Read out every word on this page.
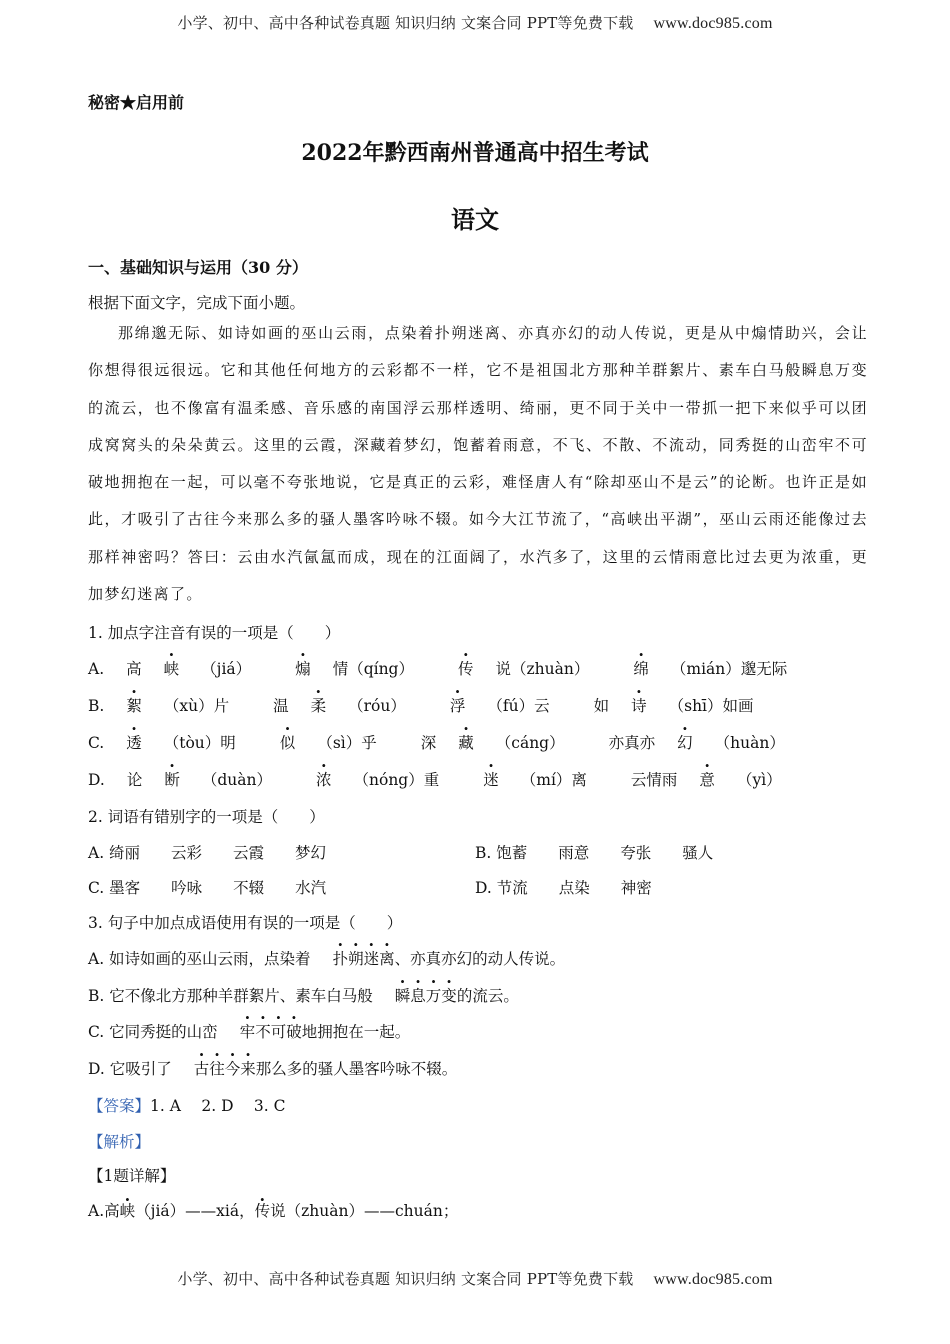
小学、初中、高中各种试卷真题 知识归纳 文案合同 PPT等免费下载 www.doc985.com
秘密★启用前
2022年黔西南州普通高中招生考试
语文
一、基础知识与运用（30 分）
根据下面文字，完成下面小题。

那绵邈无际、如诗如画的巫山云雨，点染着扑朔迷离、亦真亦幻的动人传说，更是从中煽情助兴，会让你想得很远很远。它和其他任何地方的云彩都不一样，它不是祖国北方那种羊群絮片、素车白马般瞬息万变的流云，也不像富有温柔感、音乐感的南国浮云那样透明、绮丽，更不同于关中一带抓一把下来似乎可以团成窝窝头的朵朵黄云。这里的云霞，深藏着梦幻，饱蓄着雨意，不飞、不散、不流动，同秀挺的山峦牢不可破地拥抱在一起，可以毫不夸张地说，它是真正的云彩，难怪唐人有“除却巫山不是云”的论断。也许正是如此，才吸引了古往今来那么多的骚人墨客吟咏不辍。如今大江节流了，“高峡出平湖”，巫山云雨还能像过去那样神密吗？答曰：云由水汽氤氲而成，现在的江面阔了，水汽多了，这里的云情雨意比过去更为浓重，更加梦幻迷离了。

1. 加点字注音有误的一项是（　　）
A.高 峡 （jiá）	煽 情（qíng）	传 说（zhuàn）	绵 （mián）邈无际
B.絮 （xù）片	温 柔 （róu）	浮 （fú）云	如 诗 （shī）如画
C.透 （tòu）明	似 （sì）乎	深 藏 （cáng）	亦真亦 幻 （huàn）
D.论 断 （duàn）	浓 （nóng）重	迷 （mí）离	云情雨 意 （yì）
2. 词语有错别字的一项是（　　）
A. 绮丽　　云彩　　云霞　　梦幻	B. 饱蓄　　雨意　　夸张　　骚人
C. 墨客　　吟咏　　不辍　　水汽	D. 节流　　点染　　神密
3. 句子中加点成语使用有误的一项是（　　）
A. 如诗如画的巫山云雨，点染着 扑朔迷离、亦真亦幻的动人传说。
B. 它不像北方那种羊群絮片、素车白马般 瞬息万变的流云。
C. 它同秀挺的山峦 牢不可破地拥抱在一起。
D. 它吸引了 古往今来那么多的骚人墨客吟咏不辍。
【答案】1. A　 2. D　 3. C
【解析】
【1题详解】
A.高峡（jiá）——xiá，传说（zhuàn）——chuán；
小学、初中、高中各种试卷真题 知识归纳 文案合同 PPT等免费下载 www.doc985.com
